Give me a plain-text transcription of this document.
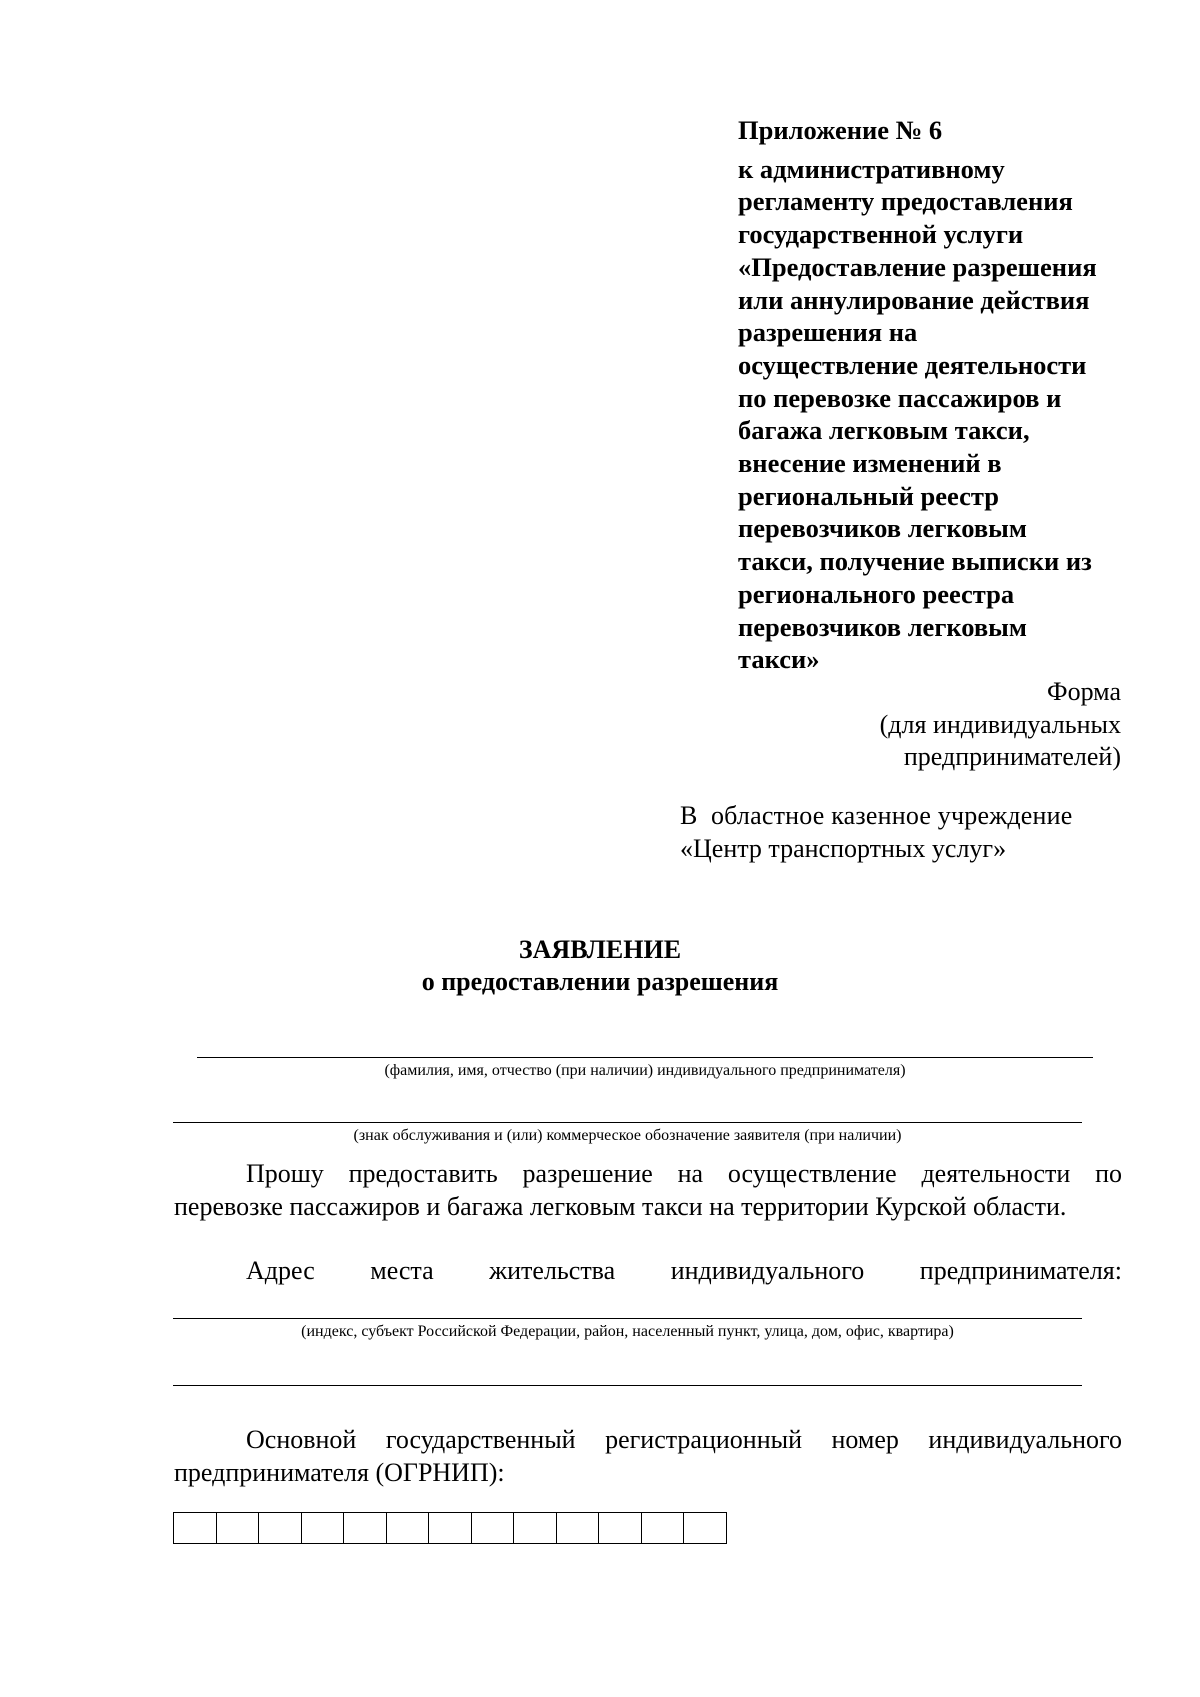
Приложение № 6
к административному
регламенту предоставления
государственной услуги
«Предоставление разрешения
или аннулирование действия
разрешения на
осуществление деятельности
по перевозке пассажиров и
багажа легковым такси,
внесение изменений в
региональный реестр
перевозчиков легковым
такси, получение выписки из
регионального реестра
перевозчиков легковым
такси»
Форма
(для индивидуальных
предпринимателей)
В  областное казенное учреждение
«Центр транспортных услуг»
ЗАЯВЛЕНИЕ
о предоставлении разрешения
(фамилия, имя, отчество (при наличии) индивидуального предпринимателя)
(знак обслуживания и (или) коммерческое обозначение заявителя (при наличии)
Прошу предоставить разрешение на осуществление деятельности по перевозке пассажиров и багажа легковым такси на территории Курской области.
Адрес места жительства индивидуального предпринимателя:
(индекс, субъект Российской Федерации, район, населенный пункт, улица, дом, офис, квартира)
Основной государственный регистрационный номер индивидуального предпринимателя (ОГРНИП):
